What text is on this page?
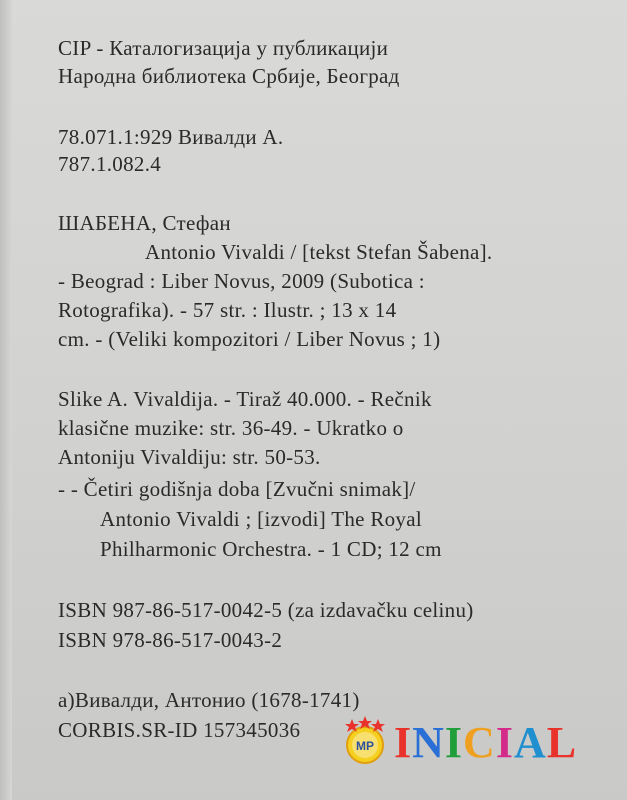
CIP - Каталогизација у публикацији
Народна библиотека Србије, Београд
78.071.1:929 Вивалди А.
787.1.082.4
ШАБЕНА, Стефан
Antonio Vivaldi / [tekst Stefan Šabena].
- Beograd : Liber Novus, 2009 (Subotica :
Rotografika). - 57 str. : Ilustr. ; 13 x 14
cm. - (Veliki kompozitori / Liber Novus ; 1)
Slike A. Vivaldija. - Tiraž 40.000. - Rečnik
klasične muzike: str. 36-49. - Ukratko o
Antoniju Vivaldiju: str. 50-53.
- - Četiri godišnja doba [Zvučni snimak]/
Antonio Vivaldi ; [izvodi] The Royal
Philharmonic Orchestra. - 1 CD; 12 cm
ISBN 987-86-517-0042-5 (za izdavačku celinu)
ISBN 978-86-517-0043-2
а)Вивалди, Антонио (1678-1741)
CORBIS.SR-ID 157345036
MP INICIAL
